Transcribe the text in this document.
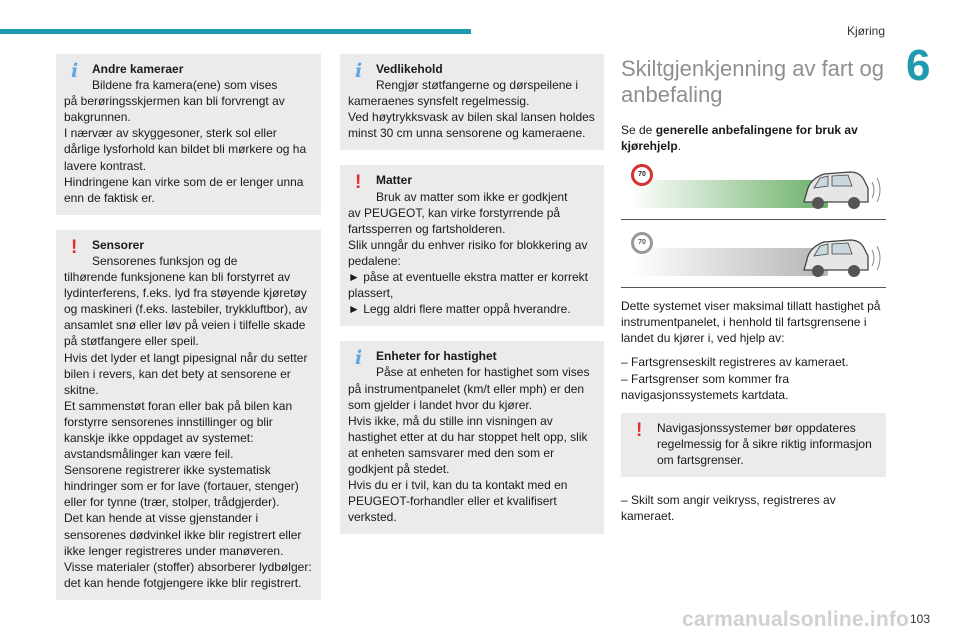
Kjøring
6
i	Andre kameraer
Bildene fra kamera(ene) som vises
på berøringsskjermen kan bli forvrengt av bakgrunnen.
I nærvær av skyggesoner, sterk sol eller dårlige lysforhold kan bildet bli mørkere og ha lavere kontrast.
Hindringene kan virke som de er lenger unna enn de faktisk er.
!	Sensorer
Sensorenes funksjon og de
tilhørende funksjonene kan bli forstyrret av lydinterferens, f.eks. lyd fra støyende kjøretøy og maskineri (f.eks. lastebiler, trykkluftbor), av ansamlet snø eller løv på veien i tilfelle skade på støtfangere eller speil.
Hvis det lyder et langt pipesignal når du setter bilen i revers, kan det bety at sensorene er skitne.
Et sammenstøt foran eller bak på bilen kan forstyrre sensorenes innstillinger og blir kanskje ikke oppdaget av systemet: avstandsmålinger kan være feil.
Sensorene registrerer ikke systematisk hindringer som er for lave (fortauer, stenger) eller for tynne (trær, stolper, trådgjerder).
Det kan hende at visse gjenstander i sensorenes dødvinkel ikke blir registrert eller ikke lenger registreres under manøveren.
Visse materialer (stoffer) absorberer lydbølger: det kan hende fotgjengere ikke blir registrert.
i	Vedlikehold
Rengjør støtfangerne og dørspeilene i
kameraenes synsfelt regelmessig.
Ved høytrykksvask av bilen skal lansen holdes minst 30 cm unna sensorene og kameraene.
!	Matter
Bruk av matter som ikke er godkjent
av PEUGEOT, kan virke forstyrrende på fartssperren og fartsholderen.
Slik unngår du enhver risiko for blokkering av pedalene:
► påse at eventuelle ekstra matter er korrekt plassert,
► Legg aldri flere matter oppå hverandre.
i	Enheter for hastighet
Påse at enheten for hastighet som vises
på instrumentpanelet (km/t eller mph) er den som gjelder i landet hvor du kjører.
Hvis ikke, må du stille inn visningen av hastighet etter at du har stoppet helt opp, slik at enheten samsvarer med den som er godkjent på stedet.
Hvis du er i tvil, kan du ta kontakt med en PEUGEOT-forhandler eller et kvalifisert verksted.
Skiltgjenkjenning av fart og anbefaling
Se de generelle anbefalingene for bruk av kjørehjelp.
70
70
Dette systemet viser maksimal tillatt hastighet på instrumentpanelet, i henhold til fartsgrensene i landet du kjører i, ved hjelp av:
– Fartsgrenseskilt registreres av kameraet.
– Fartsgrenser som kommer fra navigasjonssystemets kartdata.
!	Navigasjonssystemer bør oppdateres
regelmessig for å sikre riktig informasjon om fartsgrenser.
– Skilt som angir veikryss, registreres av kameraet.
carmanualsonline.info 103
